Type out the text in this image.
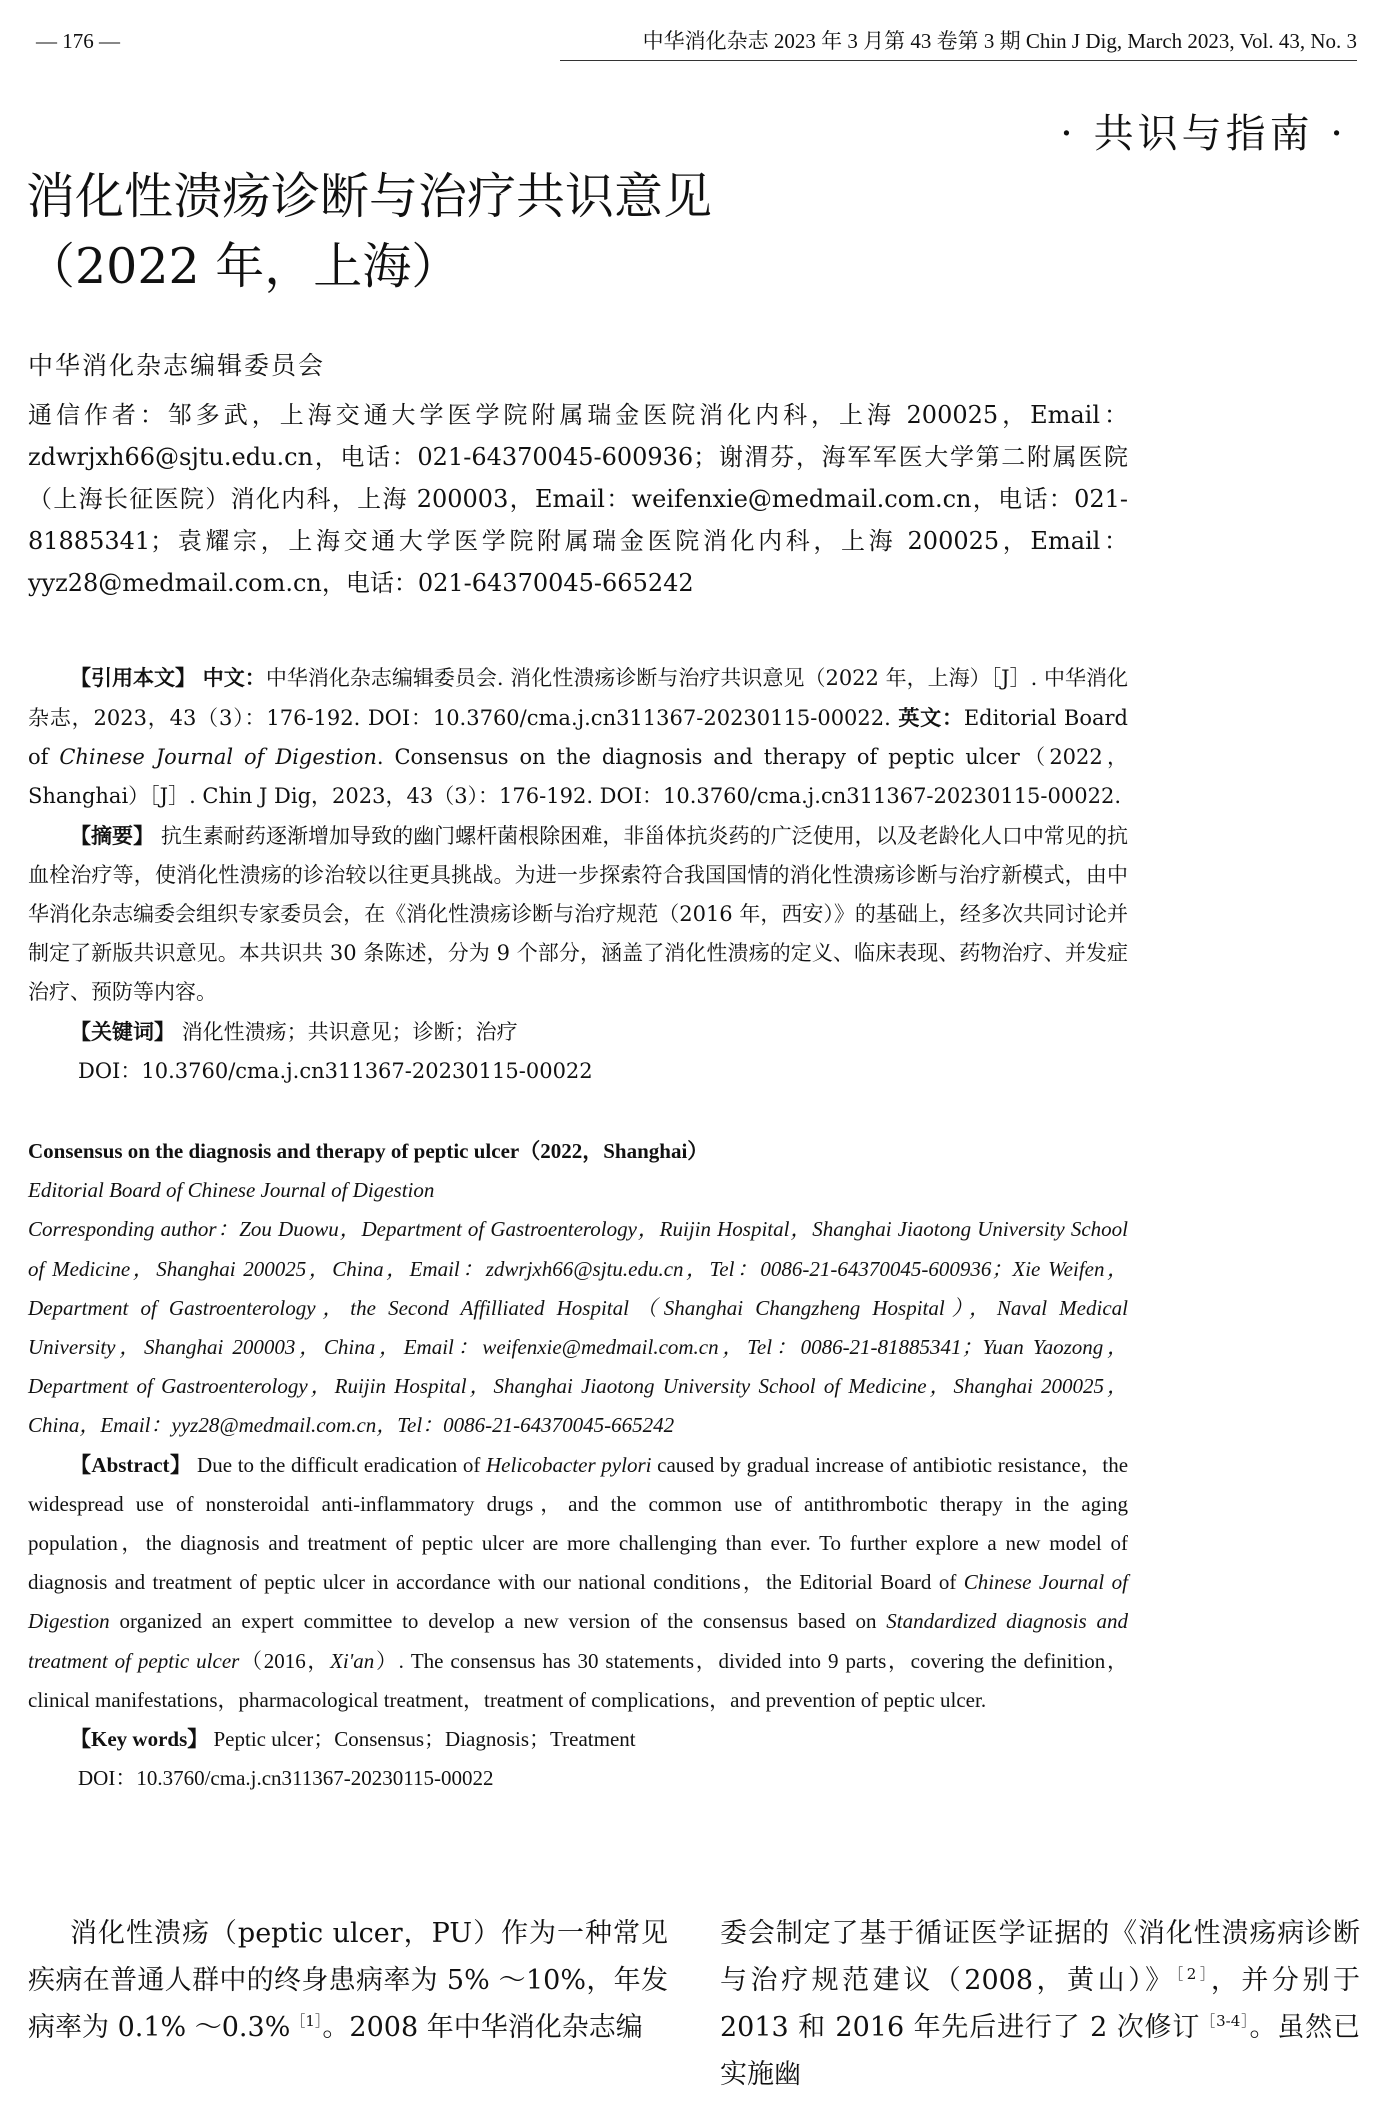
— 176 —	中华消化杂志 2023 年 3 月第 43 卷第 3 期 Chin J Dig, March 2023, Vol. 43, No. 3
· 共识与指南 ·
消化性溃疡诊断与治疗共识意见
（2022 年，上海）
中华消化杂志编辑委员会
通信作者：邹多武，上海交通大学医学院附属瑞金医院消化内科，上海 200025，Email：zdwrjxh66@sjtu.edu.cn，电话：021-64370045-600936；谢渭芬，海军军医大学第二附属医院（上海长征医院）消化内科，上海 200003，Email：weifenxie@medmail.com.cn，电话：021-81885341；袁耀宗，上海交通大学医学院附属瑞金医院消化内科，上海 200025，Email：yyz28@medmail.com.cn，电话：021-64370045-665242

【引用本文】 中文：中华消化杂志编辑委员会. 消化性溃疡诊断与治疗共识意见（2022 年，上海）［J］. 中华消化杂志，2023，43（3）：176-192. DOI：10.3760/cma.j.cn311367-20230115-00022. 英文：Editorial Board of Chinese Journal of Digestion. Consensus on the diagnosis and therapy of peptic ulcer（2022，Shanghai）［J］. Chin J Dig，2023，43（3）：176-192. DOI：10.3760/cma.j.cn311367-20230115-00022.

【摘要】 抗生素耐药逐渐增加导致的幽门螺杆菌根除困难，非甾体抗炎药的广泛使用，以及老龄化人口中常见的抗血栓治疗等，使消化性溃疡的诊治较以往更具挑战。为进一步探索符合我国国情的消化性溃疡诊断与治疗新模式，由中华消化杂志编委会组织专家委员会，在《消化性溃疡诊断与治疗规范（2016 年，西安）》的基础上，经多次共同讨论并制定了新版共识意见。本共识共 30 条陈述，分为 9 个部分，涵盖了消化性溃疡的定义、临床表现、药物治疗、并发症治疗、预防等内容。

【关键词】 消化性溃疡；共识意见；诊断；治疗

DOI：10.3760/cma.j.cn311367-20230115-00022

Consensus on the diagnosis and therapy of peptic ulcer（2022，Shanghai）

Editorial Board of Chinese Journal of Digestion

Corresponding author：Zou Duowu，Department of Gastroenterology，Ruijin Hospital，Shanghai Jiaotong University School of Medicine，Shanghai 200025，China，Email：zdwrjxh66@sjtu.edu.cn，Tel：0086-21-64370045-600936；Xie Weifen，Department of Gastroenterology，the Second Affilliated Hospital（Shanghai Changzheng Hospital），Naval Medical University，Shanghai 200003，China，Email：weifenxie@medmail.com.cn，Tel：0086-21-81885341；Yuan Yaozong，Department of Gastroenterology，Ruijin Hospital，Shanghai Jiaotong University School of Medicine，Shanghai 200025，China，Email：yyz28@medmail.com.cn，Tel：0086-21-64370045-665242

【Abstract】 Due to the difficult eradication of Helicobacter pylori caused by gradual increase of antibiotic resistance，the widespread use of nonsteroidal anti-inflammatory drugs，and the common use of antithrombotic therapy in the aging population，the diagnosis and treatment of peptic ulcer are more challenging than ever. To further explore a new model of diagnosis and treatment of peptic ulcer in accordance with our national conditions，the Editorial Board of Chinese Journal of Digestion organized an expert committee to develop a new version of the consensus based on Standardized diagnosis and treatment of peptic ulcer（2016，Xi'an）. The consensus has 30 statements，divided into 9 parts，covering the definition，clinical manifestations，pharmacological treatment，treatment of complications，and prevention of peptic ulcer.

【Key words】 Peptic ulcer；Consensus；Diagnosis；Treatment

DOI：10.3760/cma.j.cn311367-20230115-00022

消化性溃疡（peptic ulcer，PU）作为一种常见疾病在普通人群中的终身患病率为 5% ～10%，年发病率为 0.1% ～0.3%$^{[1]}$。2008 年中华消化杂志编

委会制定了基于循证医学证据的《消化性溃疡病诊断与治疗规范建议（2008，黄山）》$^{[2]}$，并分别于 2013 和 2016 年先后进行了 2 次修订$^{[3-4]}$。虽然已实施幽
